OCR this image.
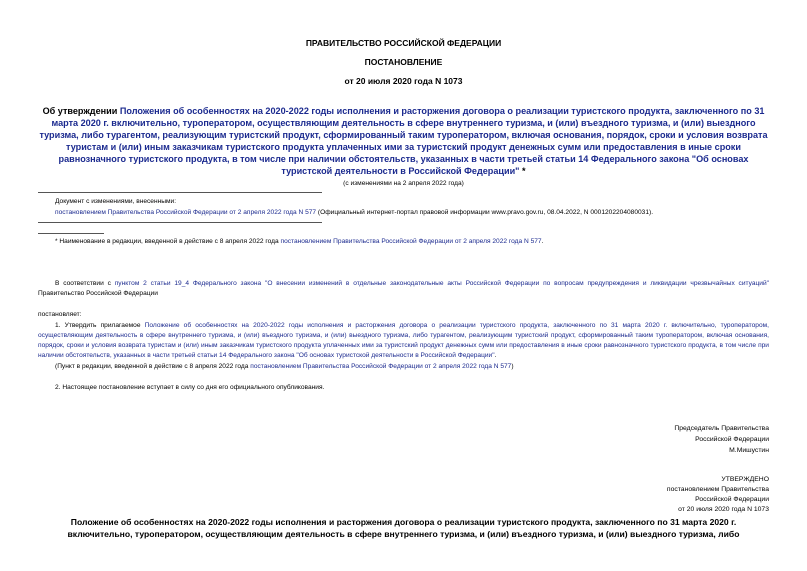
ПРАВИТЕЛЬСТВО РОССИЙСКОЙ ФЕДЕРАЦИИ
ПОСТАНОВЛЕНИЕ
от 20 июля 2020 года N 1073
Об утверждении Положения об особенностях на 2020-2022 годы исполнения и расторжения договора о реализации туристского продукта, заключенного по 31 марта 2020 г. включительно, туроператором, осуществляющим деятельность в сфере внутреннего туризма, и (или) въездного туризма, и (или) выездного туризма, либо турагентом, реализующим туристский продукт, сформированный таким туроператором, включая основания, порядок, сроки и условия возврата туристам и (или) иным заказчикам туристского продукта уплаченных ими за туристский продукт денежных сумм или предоставления в иные сроки равнозначного туристского продукта, в том числе при наличии обстоятельств, указанных в части третьей статьи 14 Федерального закона "Об основах туристской деятельности в Российской Федерации" *
(с изменениями на 2 апреля 2022 года)
Документ с изменениями, внесенными:
постановлением Правительства Российской Федерации от 2 апреля 2022 года N 577 (Официальный интернет-портал правовой информации www.pravo.gov.ru, 08.04.2022, N 0001202204080031).
* Наименование в редакции, введенной в действие с 8 апреля 2022 года постановлением Правительства Российской Федерации от 2 апреля 2022 года N 577.
В соответствии с пунктом 2 статьи 19_4 Федерального закона "О внесении изменений в отдельные законодательные акты Российской Федерации по вопросам предупреждения и ликвидации чрезвычайных ситуаций" Правительство Российской Федерации
постановляет:
1. Утвердить прилагаемое Положение об особенностях на 2020-2022 годы исполнения и расторжения договора о реализации туристского продукта, заключенного по 31 марта 2020 г. включительно, туроператором, осуществляющим деятельность в сфере внутреннего туризма, и (или) въездного туризма, и (или) выездного туризма, либо турагентом, реализующим туристский продукт, сформированный таким туроператором, включая основания, порядок, сроки и условия возврата туристам и (или) иным заказчикам туристского продукта уплаченных ими за туристский продукт денежных сумм или предоставления в иные сроки равнозначного туристского продукта, в том числе при наличии обстоятельств, указанных в части третьей статьи 14 Федерального закона "Об основах туристской деятельности в Российской Федерации".
(Пункт в редакции, введенной в действие с 8 апреля 2022 года постановлением Правительства Российской Федерации от 2 апреля 2022 года N 577)
2. Настоящее постановление вступает в силу со дня его официального опубликования.
Председатель Правительства
Российской Федерации
М.Мишустин
УТВЕРЖДЕНО
постановлением Правительства
Российской Федерации
от 20 июля 2020 года N 1073
Положение об особенностях на 2020-2022 годы исполнения и расторжения договора о реализации туристского продукта, заключенного по 31 марта 2020 г. включительно, туроператором, осуществляющим деятельность в сфере внутреннего туризма, и (или) въездного туризма, и (или) выездного туризма, либо
